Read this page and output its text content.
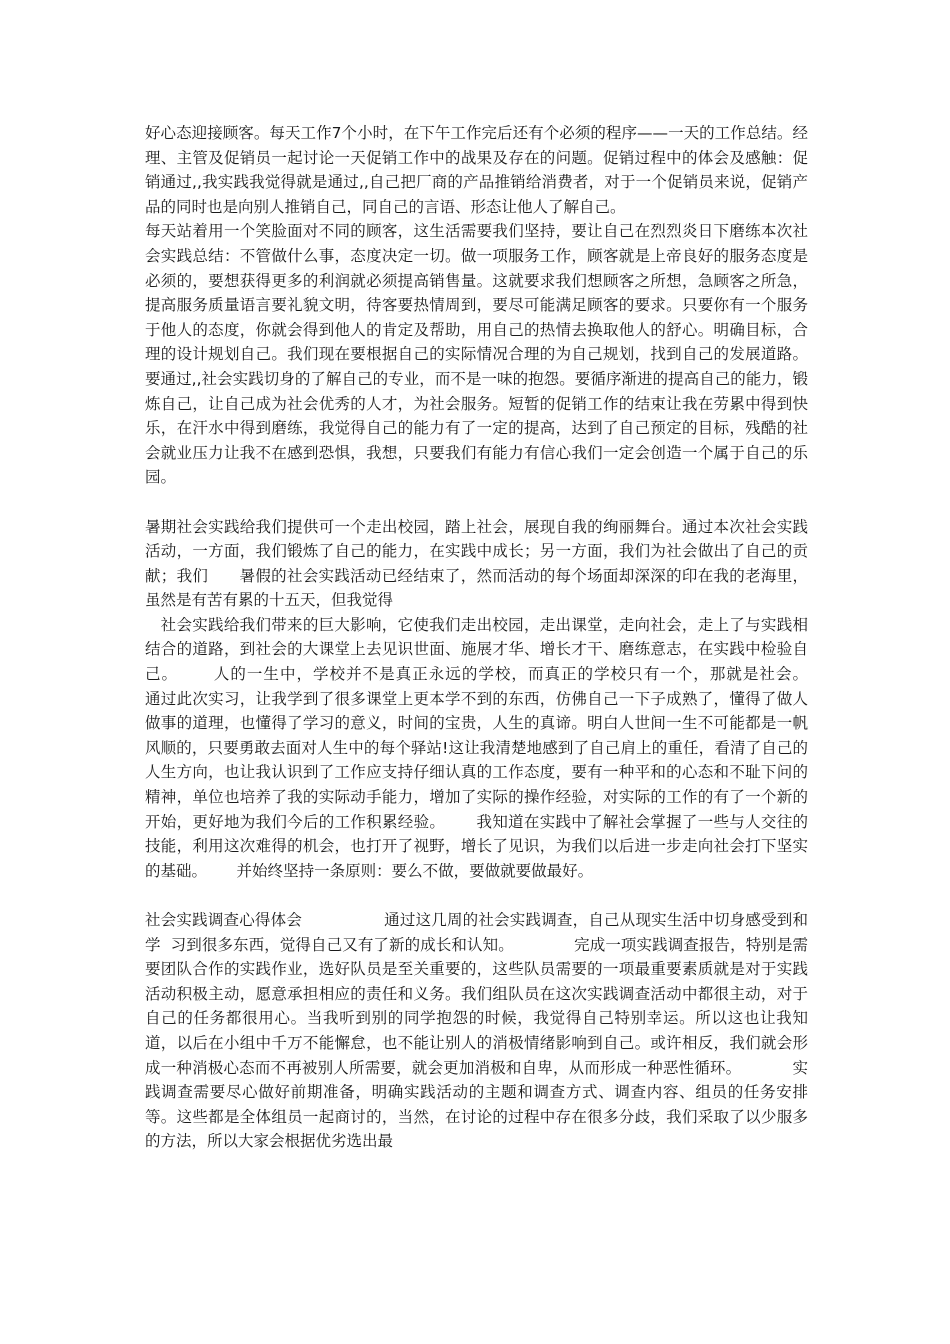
好心态迎接顾客。每天工作7个小时，在下午工作完后还有个必须的程序——一天的工作总结。经理、主管及促销员一起讨论一天促销工作中的战果及存在的问题。促销过程中的体会及感触：促销通过,,我实践我觉得就是通过,,自己把厂商的产品推销给消费者，对于一个促销员来说，促销产品的同时也是向别人推销自己，同自己的言语、形态让他人了解自己。

每天站着用一个笑脸面对不同的顾客，这生活需要我们坚持，要让自己在烈烈炎日下磨练本次社会实践总结：不管做什么事，态度决定一切。做一项服务工作，顾客就是上帝良好的服务态度是必须的，要想获得更多的利润就必须提高销售量。这就要求我们想顾客之所想，急顾客之所急，提高服务质量语言要礼貌文明，待客要热情周到，要尽可能满足顾客的要求。只要你有一个服务于他人的态度，你就会得到他人的肯定及帮助，用自己的热情去换取他人的舒心。明确目标，合理的设计规划自己。我们现在要根据自己的实际情况合理的为自己规划，找到自己的发展道路。要通过,,社会实践切身的了解自己的专业，而不是一味的抱怨。要循序渐进的提高自己的能力，锻炼自己，让自己成为社会优秀的人才，为社会服务。短暂的促销工作的结束让我在劳累中得到快乐，在汗水中得到磨练，我觉得自己的能力有了一定的提高，达到了自己预定的目标，残酷的社会就业压力让我不在感到恐惧，我想，只要我们有能力有信心我们一定会创造一个属于自己的乐园。

暑期社会实践给我们提供可一个走出校园，踏上社会，展现自我的绚丽舞台。通过本次社会实践活动，一方面，我们锻炼了自己的能力，在实践中成长；另一方面，我们为社会做出了自己的贡献；我们      暑假的社会实践活动已经结束了，然而活动的每个场面却深深的印在我的老海里，虽然是有苦有累的十五天，但我觉得

社会实践给我们带来的巨大影响，它使我们走出校园，走出课堂，走向社会，走上了与实践相结合的道路，到社会的大课堂上去见识世面、施展才华、增长才干、磨练意志，在实践中检验自己。      人的一生中，学校并不是真正永远的学校，而真正的学校只有一个，那就是社会。      通过此次实习，让我学到了很多课堂上更本学不到的东西，仿佛自己一下子成熟了，懂得了做人做事的道理，也懂得了学习的意义，时间的宝贵，人生的真谛。明白人世间一生不可能都是一帆风顺的，只要勇敢去面对人生中的每个驿站!这让我清楚地感到了自己肩上的重任，看清了自己的人生方向，也让我认识到了工作应支持仔细认真的工作态度，要有一种平和的心态和不耻下问的精神，单位也培养了我的实际动手能力，增加了实际的操作经验，对实际的工作的有了一个新的开始，更好地为我们今后的工作积累经验。      我知道在实践中了解社会掌握了一些与人交往的技能，利用这次难得的机会，也打开了视野，增长了见识，为我们以后进一步走向社会打下坚实的基础。      并始终坚持一条原则：要么不做，要做就要做最好。

社会实践调查心得体会                通过这几周的社会实践调查，自己从现实生活中切身感受到和学  习到很多东西，觉得自己又有了新的成长和认知。            完成一项实践调查报告，特别是需要团队合作的实践作业，选好队员是至关重要的，这些队员需要的一项最重要素质就是对于实践活动积极主动，愿意承担相应的责任和义务。我们组队员在这次实践调查活动中都很主动，对于自己的任务都很用心。当我听到别的同学抱怨的时候，我觉得自己特别幸运。所以这也让我知道，以后在小组中千万不能懈怠，也不能让别人的消极情绪影响到自己。或许相反，我们就会形成一种消极心态而不再被别人所需要，就会更加消极和自卑，从而形成一种恶性循环。          实践调查需要尽心做好前期准备，明确实践活动的主题和调查方式、调查内容、组员的任务安排等。这些都是全体组员一起商讨的，当然，在讨论的过程中存在很多分歧，我们采取了以少服多的方法，所以大家会根据优劣选出最
